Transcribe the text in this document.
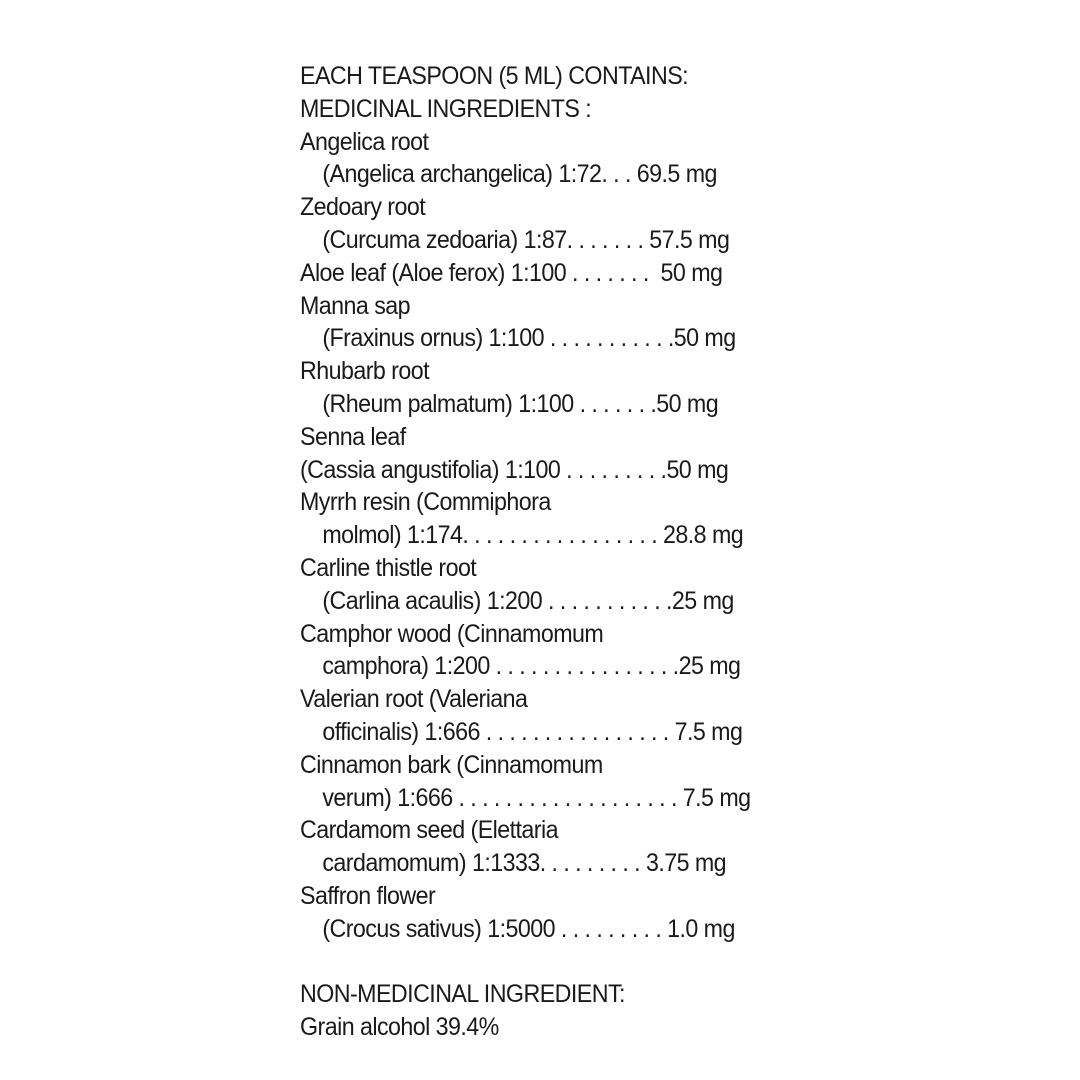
EACH TEASPOON (5 ML) CONTAINS:
MEDICINAL INGREDIENTS :
Angelica root
(Angelica archangelica) 1:72. . . 69.5 mg
Zedoary root
(Curcuma zedoaria) 1:87. . . . . . . 57.5 mg
Aloe leaf (Aloe ferox) 1:100 . . . . . . .  50 mg
Manna sap
(Fraxinus ornus) 1:100 . . . . . . . . . . .50 mg
Rhubarb root
(Rheum palmatum) 1:100 . . . . . . .50 mg
Senna leaf
(Cassia angustifolia) 1:100 . . . . . . . . .50 mg
Myrrh resin (Commiphora
molmol) 1:174. . . . . . . . . . . . . . . . . 28.8 mg
Carline thistle root
(Carlina acaulis) 1:200 . . . . . . . . . . .25 mg
Camphor wood (Cinnamomum
camphora) 1:200 . . . . . . . . . . . . . . . .25 mg
Valerian root (Valeriana
officinalis) 1:666 . . . . . . . . . . . . . . . . 7.5 mg
Cinnamon bark (Cinnamomum
verum) 1:666 . . . . . . . . . . . . . . . . . . . 7.5 mg
Cardamom seed (Elettaria
cardamomum) 1:1333. . . . . . . . . 3.75 mg
Saffron flower
(Crocus sativus) 1:5000 . . . . . . . . . 1.0 mg
NON-MEDICINAL INGREDIENT:
Grain alcohol 39.4%
